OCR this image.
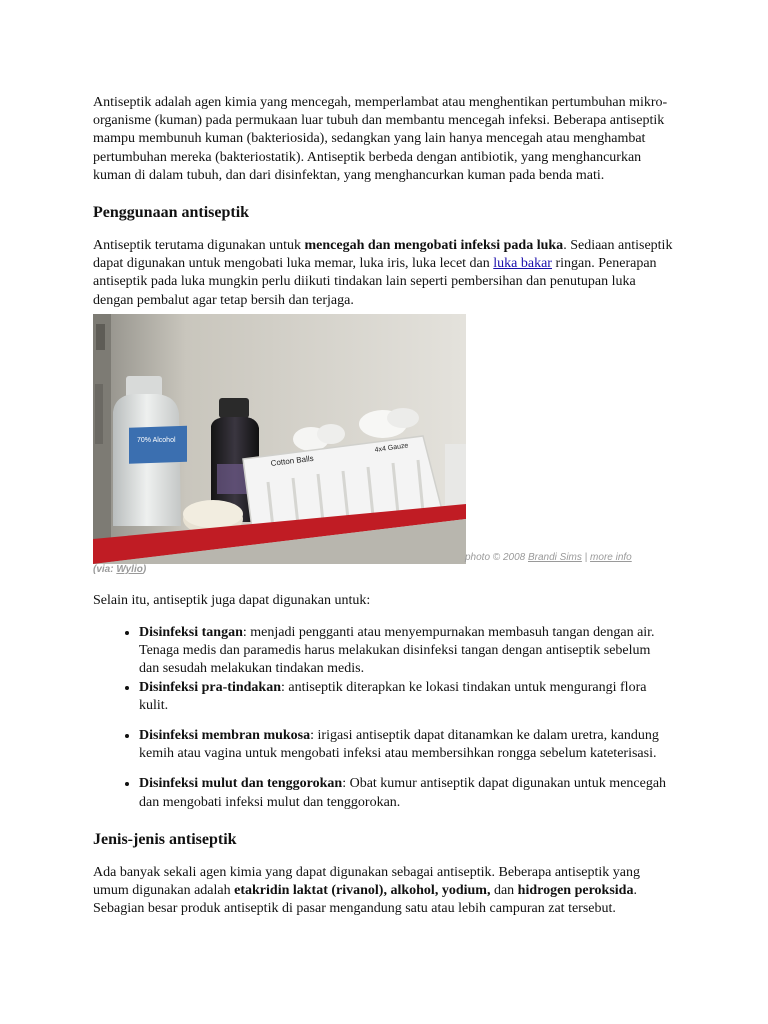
Antiseptik adalah agen kimia yang mencegah, memperlambat atau menghentikan pertumbuhan mikro-organisme (kuman) pada permukaan luar tubuh dan membantu mencegah infeksi. Beberapa antiseptik mampu membunuh kuman (bakteriosida), sedangkan yang lain hanya mencegah atau menghambat pertumbuhan mereka (bakteriostatik). Antiseptik berbeda dengan antibiotik, yang menghancurkan kuman di dalam tubuh, dan dari disinfektan, yang menghancurkan kuman pada benda mati.

Penggunaan antiseptik

Antiseptik terutama digunakan untuk mencegah dan mengobati infeksi pada luka. Sediaan antiseptik dapat digunakan untuk mengobati luka memar, luka iris, luka lecet dan luka bakar ringan. Penerapan antiseptik pada luka mungkin perlu diikuti tindakan lain seperti pembersihan dan penutupan luka dengan pembalut agar tetap bersih dan terjaga.

70% Alcohol
Cotton Balls
4x4 Gauze
photo © 2008 Brandi Sims | more info
(via: Wylio)

Selain itu, antiseptik juga dapat digunakan untuk:

• Disinfeksi tangan: menjadi pengganti atau menyempurnakan membasuh tangan dengan air. Tenaga medis dan paramedis harus melakukan disinfeksi tangan dengan antiseptik sebelum dan sesudah melakukan tindakan medis.
• Disinfeksi pra-tindakan: antiseptik diterapkan ke lokasi tindakan untuk mengurangi flora kulit.
• Disinfeksi membran mukosa: irigasi antiseptik dapat ditanamkan ke dalam uretra, kandung kemih atau vagina untuk mengobati infeksi atau membersihkan rongga sebelum kateterisasi.
• Disinfeksi mulut dan tenggorokan: Obat kumur antiseptik dapat digunakan untuk mencegah dan mengobati infeksi mulut dan tenggorokan.
Jenis-jenis antiseptik

Ada banyak sekali agen kimia yang dapat digunakan sebagai antiseptik. Beberapa antiseptik yang umum digunakan adalah etakridin laktat (rivanol), alkohol, yodium, dan hidrogen peroksida. Sebagian besar produk antiseptik di pasar mengandung satu atau lebih campuran zat tersebut.
